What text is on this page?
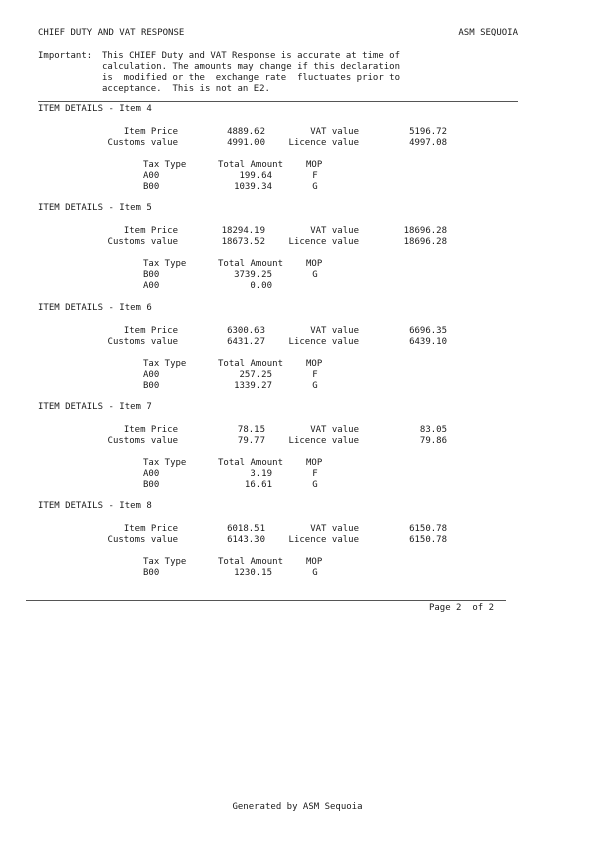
CHIEF DUTY AND VAT RESPONSE	ASM SEQUOIA
Important: This CHIEF Duty and VAT Response is accurate at time of
calculation. The amounts may change if this declaration
is  modified or the  exchange rate  fluctuates prior to
acceptance.  This is not an E2.
ITEM DETAILS - Item 4
Item Price	4889.62	VAT value	5196.72
Customs value	4991.00	Licence value	4997.08
Tax Type	Total Amount	MOP
A00	199.64	F
B00	1039.34	G
ITEM DETAILS - Item 5
Item Price	18294.19	VAT value	18696.28
Customs value	18673.52	Licence value	18696.28
Tax Type	Total Amount	MOP
B00	3739.25	G
A00	0.00
ITEM DETAILS - Item 6
Item Price	6300.63	VAT value	6696.35
Customs value	6431.27	Licence value	6439.10
Tax Type	Total Amount	MOP
A00	257.25	F
B00	1339.27	G
ITEM DETAILS - Item 7
Item Price	78.15	VAT value	83.05
Customs value	79.77	Licence value	79.86
Tax Type	Total Amount	MOP
A00	3.19	F
B00	16.61	G
ITEM DETAILS - Item 8
Item Price	6018.51	VAT value	6150.78
Customs value	6143.30	Licence value	6150.78
Tax Type	Total Amount	MOP
B00	1230.15	G
Page 2  of 2
Generated by ASM Sequoia
